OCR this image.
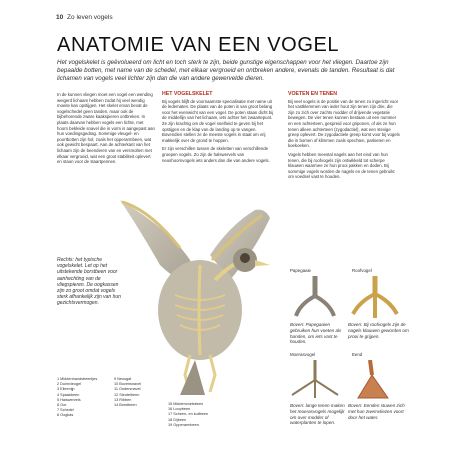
10 Zo leven vogels
ANATOMIE VAN EEN VOGEL
Het vogelskelet is geëvolueerd om licht en toch sterk te zijn, beide gunstige eigenschappen voor het vliegen. Daartoe zijn bepaalde botten, met name van de schedel, met elkaar vergroeid en ontbreken andere, evenals de tanden. Resultaat is dat lichamen van vogels veel lichter zijn dan die van andere gewervelde dieren.

In de kunnen vliegen moet een vogel een wending weigerd lichaam hebben zodat hij veel wendig moeite kan opstijgen. Het skelet ervan bevat de vogelschedel geen tanden, maar ook de bijbehorende zware kaakspieren ontbreken. In plaats daarvan hebben vogels een lichte, met hoorn bekleide snavel die in vorm is aangepast aan hun voedingsgedrag. Sommige vleugel- en poortbotten zijn hol, zoals het opperarmbeen, wat ook gewicht bespaart. Aan de achterkant van het lichaam zijn de beenderen van en versmolten met elkaar vergroeid, wat een groot stabiliteit oplevert en staun voor de staartpennen.

HET VOGELSKELET

Bij vogels blijft de voornaamste specialisatie met name uit de ledematen. De plaats van de poten is van groot belang voor het evenwicht van een vogel. De poten staan dicht bij de middellijn van het lichaam, iets achter het zwaartepunt. Ze zijn krachtig om de vogel snelheid te geven bij het opstijgen en de klap van de landing op te vangen. Bovendien stellen ze de meeste vogels in staat om vrij makkelijk over de grond te hoppen.

Er zijn verschillen tussen de skeletten van verschillende groepen vogels. Zo zijn de halswervels van neushoornvogels iets anders dan die van andere vogels.

VOETEN EN TENEN

Bij veel vogels is de positie van de tenen zo ingericht voor het vastklemmen van ieder hout zijn tenen zijn drie, die zijn zo zich over zachts modder of drijvende vegetatie bewegen. De vier tenen kunnen bestaan uit een nummer en een achterteen, gespreid voor griponen, of als ze hun tenen alleen achterteen (zygodactiel), wat een stevige greep oplevert. De zygodactiele greep komt voor bij vogels die in bomen of klimmen zoals spechten, parkieten en koekoeken.

Vogels hebben meestal nagels aan het eind van hun tenen, die bij roofvogels zijn ontwikkeld tot scherpe klauwen waarmee ze hun prooi pakken en doden. Bij sommige vogels worden de nagels en de tenen gebruikt om voedsel vast te houden.

Rechts: het typische vogelskelet. Let op het uitstekende borstbeen voor aanhechting van de vliegspieren. De oogkassen zijn zo groot omdat vogels sterk afhankelijk zijn van hun gezichtsvermogen.
1 Middenhandsbeentjes	9 Neusgat
2 Duimvleugel	10 Bovensnavel
3 Elleenijp	11 Ondersnavel
4 Spaakbeen	12 Sleutelbeen
5 Halswervels	13 Ribben
6 Oor	14 Borstbeen
7 Schedel
8 Oogkas
15 Middenvoetsbeen
16 Loopbeen
17 Scheen- en kuitbeen
18 Dijbeen
19 Opperarmbeen
Papegaaie
Boven: Papegaaien gebruiken hun voeten als handen, om iets vast te houden.
Roofvogel
Boven: Bij roofvogels zijn de nagels klauwen geworden om prooi te grijpen.
Moerasvogel
Boven: lange tenen maken het moerasvogels mogelijk om over modder of waterplanten te lopen.
Eend
Boven: Eenden stuwen zich met hun zwemvliezen voort door het water.
